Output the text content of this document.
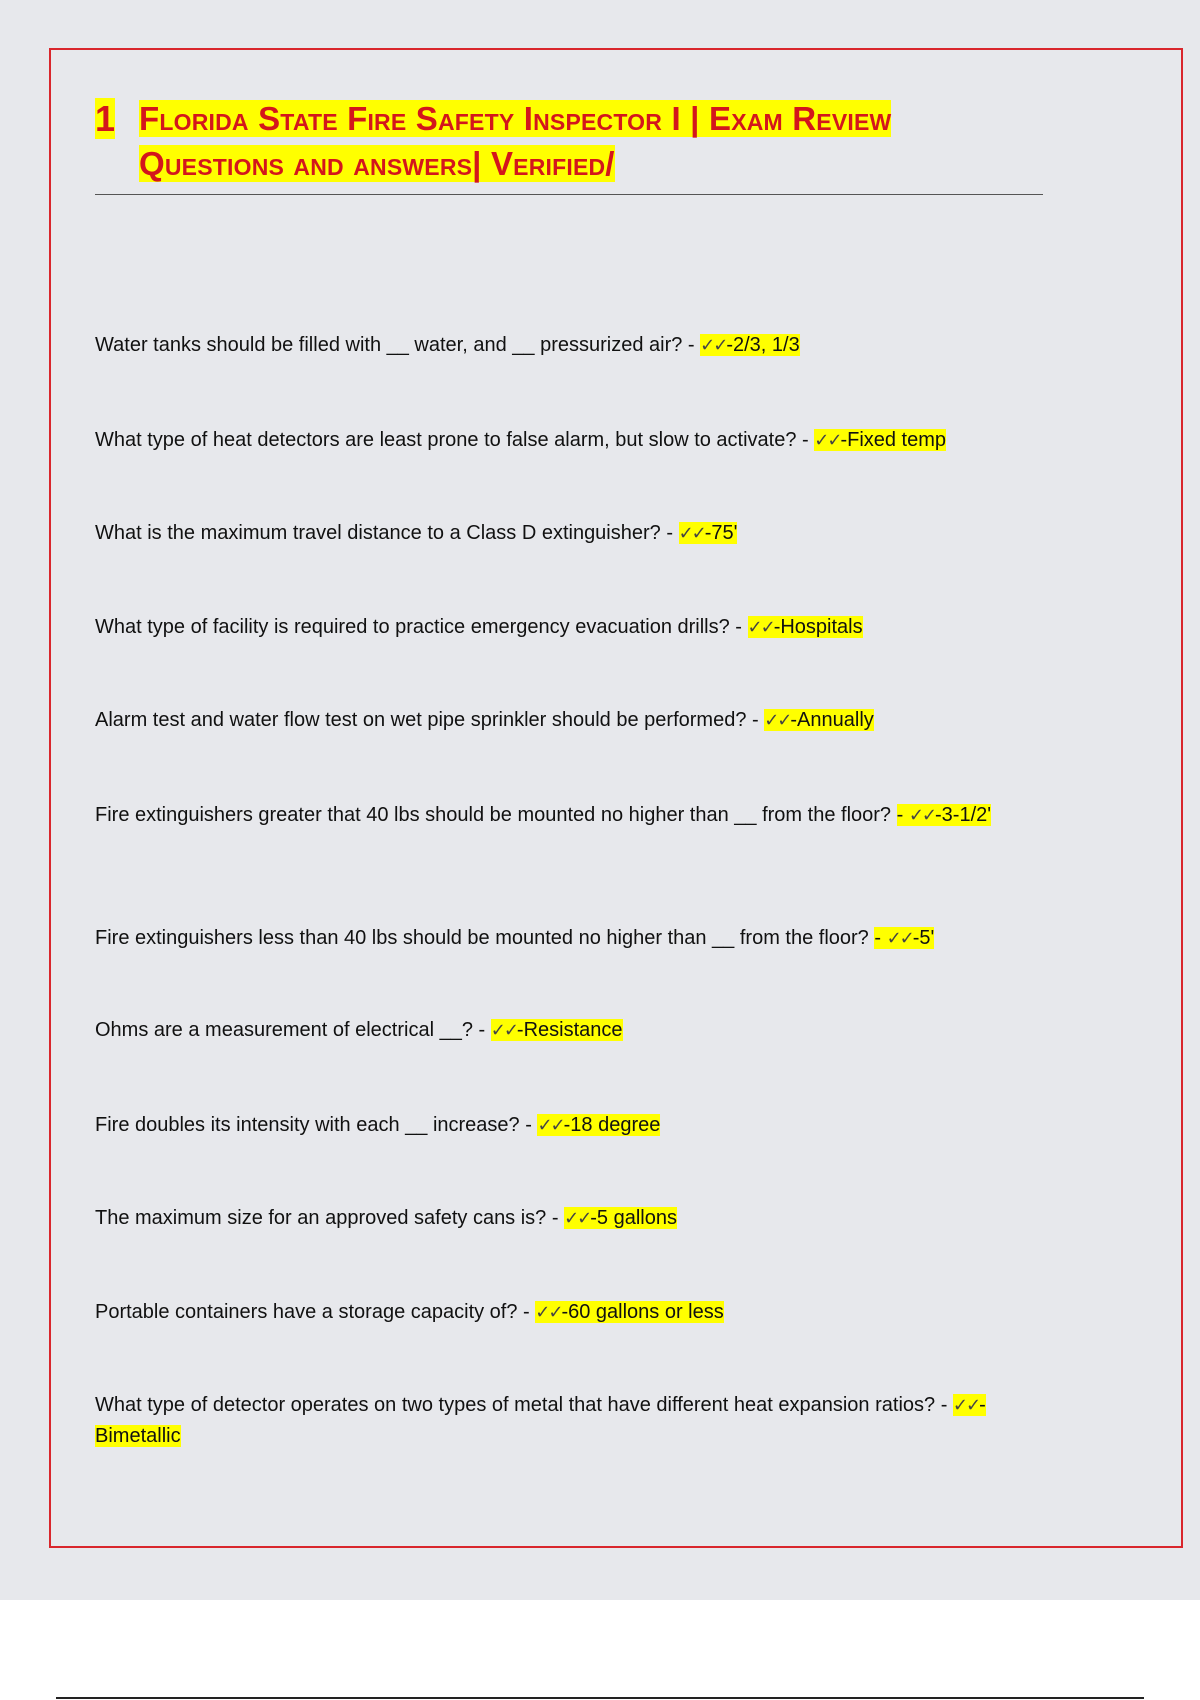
1 Florida State Fire Safety Inspector I | Exam Review Questions and answers| Verified/
Water tanks should be filled with __ water, and __ pressurized air? - ✓✓-2/3, 1/3
What type of heat detectors are least prone to false alarm, but slow to activate? - ✓✓-Fixed temp
What is the maximum travel distance to a Class D extinguisher? - ✓✓-75'
What type of facility is required to practice emergency evacuation drills? - ✓✓-Hospitals
Alarm test and water flow test on wet pipe sprinkler should be performed? - ✓✓-Annually
Fire extinguishers greater that 40 lbs should be mounted no higher than __ from the floor? - ✓✓-3-1/2'
Fire extinguishers less than 40 lbs should be mounted no higher than __ from the floor? - ✓✓-5'
Ohms are a measurement of electrical __? - ✓✓-Resistance
Fire doubles its intensity with each __ increase? - ✓✓-18 degree
The maximum size for an approved safety cans is? - ✓✓-5 gallons
Portable containers have a storage capacity of? - ✓✓-60 gallons or less
What type of detector operates on two types of metal that have different heat expansion ratios? - ✓✓-Bimetallic
